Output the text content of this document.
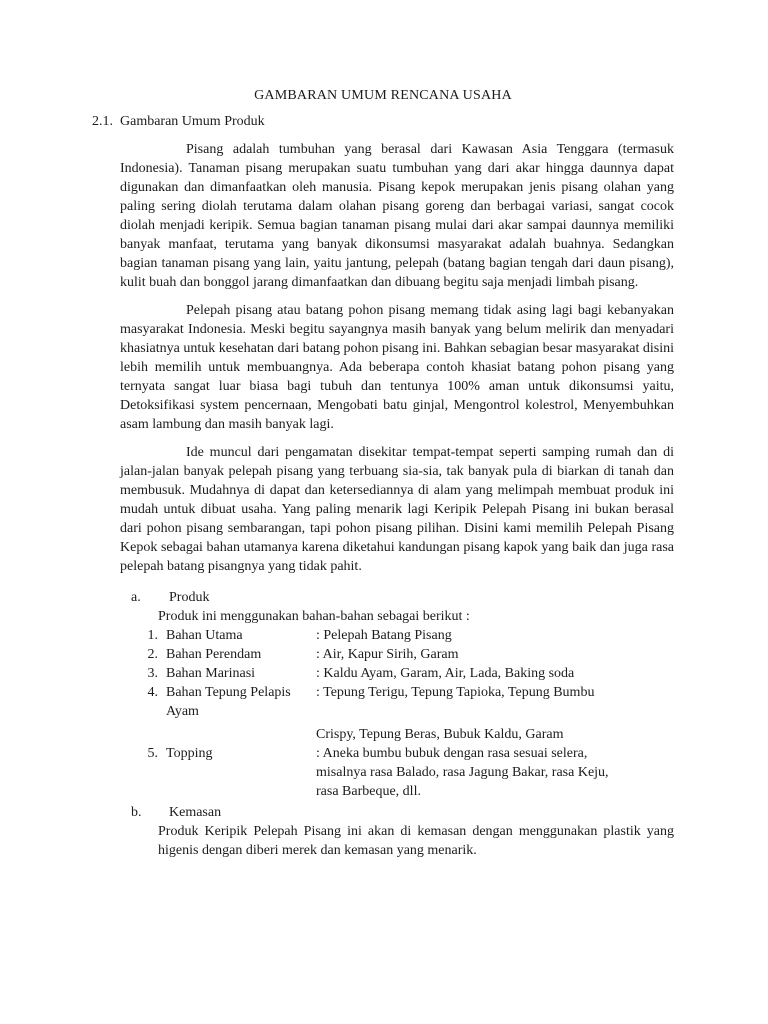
GAMBARAN UMUM RENCANA USAHA
2.1. Gambaran Umum Produk

Pisang adalah tumbuhan yang berasal dari Kawasan Asia Tenggara (termasuk Indonesia). Tanaman pisang merupakan suatu tumbuhan yang dari akar hingga daunnya dapat digunakan dan dimanfaatkan oleh manusia. Pisang kepok merupakan jenis pisang olahan yang paling sering diolah terutama dalam olahan pisang goreng dan berbagai variasi, sangat cocok diolah menjadi keripik. Semua bagian tanaman pisang mulai dari akar sampai daunnya memiliki banyak manfaat, terutama yang banyak dikonsumsi masyarakat adalah buahnya. Sedangkan bagian tanaman pisang yang lain, yaitu jantung, pelepah (batang bagian tengah dari daun pisang), kulit buah dan bonggol jarang dimanfaatkan dan dibuang begitu saja menjadi limbah pisang.

Pelepah pisang atau batang pohon pisang memang tidak asing lagi bagi kebanyakan masyarakat Indonesia. Meski begitu sayangnya masih banyak yang belum melirik dan menyadari khasiatnya untuk kesehatan dari batang pohon pisang ini. Bahkan sebagian besar masyarakat disini lebih memilih untuk membuangnya. Ada beberapa contoh khasiat batang pohon pisang yang ternyata sangat luar biasa bagi tubuh dan tentunya 100% aman untuk dikonsumsi yaitu, Detoksifikasi system pencernaan, Mengobati batu ginjal, Mengontrol kolestrol, Menyembuhkan asam lambung dan masih banyak lagi.

Ide muncul dari pengamatan disekitar tempat-tempat seperti samping rumah dan di jalan-jalan banyak pelepah pisang yang terbuang sia-sia, tak banyak pula di biarkan di tanah dan membusuk. Mudahnya di dapat dan ketersediannya di alam yang melimpah membuat produk ini mudah untuk dibuat usaha. Yang paling menarik lagi Keripik Pelepah Pisang ini bukan berasal dari pohon pisang sembarangan, tapi pohon pisang pilihan. Disini kami memilih Pelepah Pisang Kepok sebagai bahan utamanya karena diketahui kandungan pisang kapok yang baik dan juga rasa pelepah batang pisangnya yang tidak pahit.

a.	Produk
Produk ini menggunakan bahan-bahan sebagai berikut :
1. Bahan Utama	: Pelepah Batang Pisang
2. Bahan Perendam	: Air, Kapur Sirih, Garam
3. Bahan Marinasi	: Kaldu Ayam, Garam, Air, Lada, Baking soda
4. Bahan Tepung Pelapis	: Tepung Terigu, Tepung Tapioka, Tepung Bumbu
Ayam
Crispy, Tepung Beras, Bubuk Kaldu, Garam
5. Topping	: Aneka bumbu bubuk dengan rasa sesuai selera,
misalnya rasa Balado, rasa Jagung Bakar, rasa Keju,
rasa Barbeque, dll.
b.	Kemasan
Produk Keripik Pelepah Pisang ini akan di kemasan dengan menggunakan plastik yang higenis dengan diberi merek dan kemasan yang menarik.
